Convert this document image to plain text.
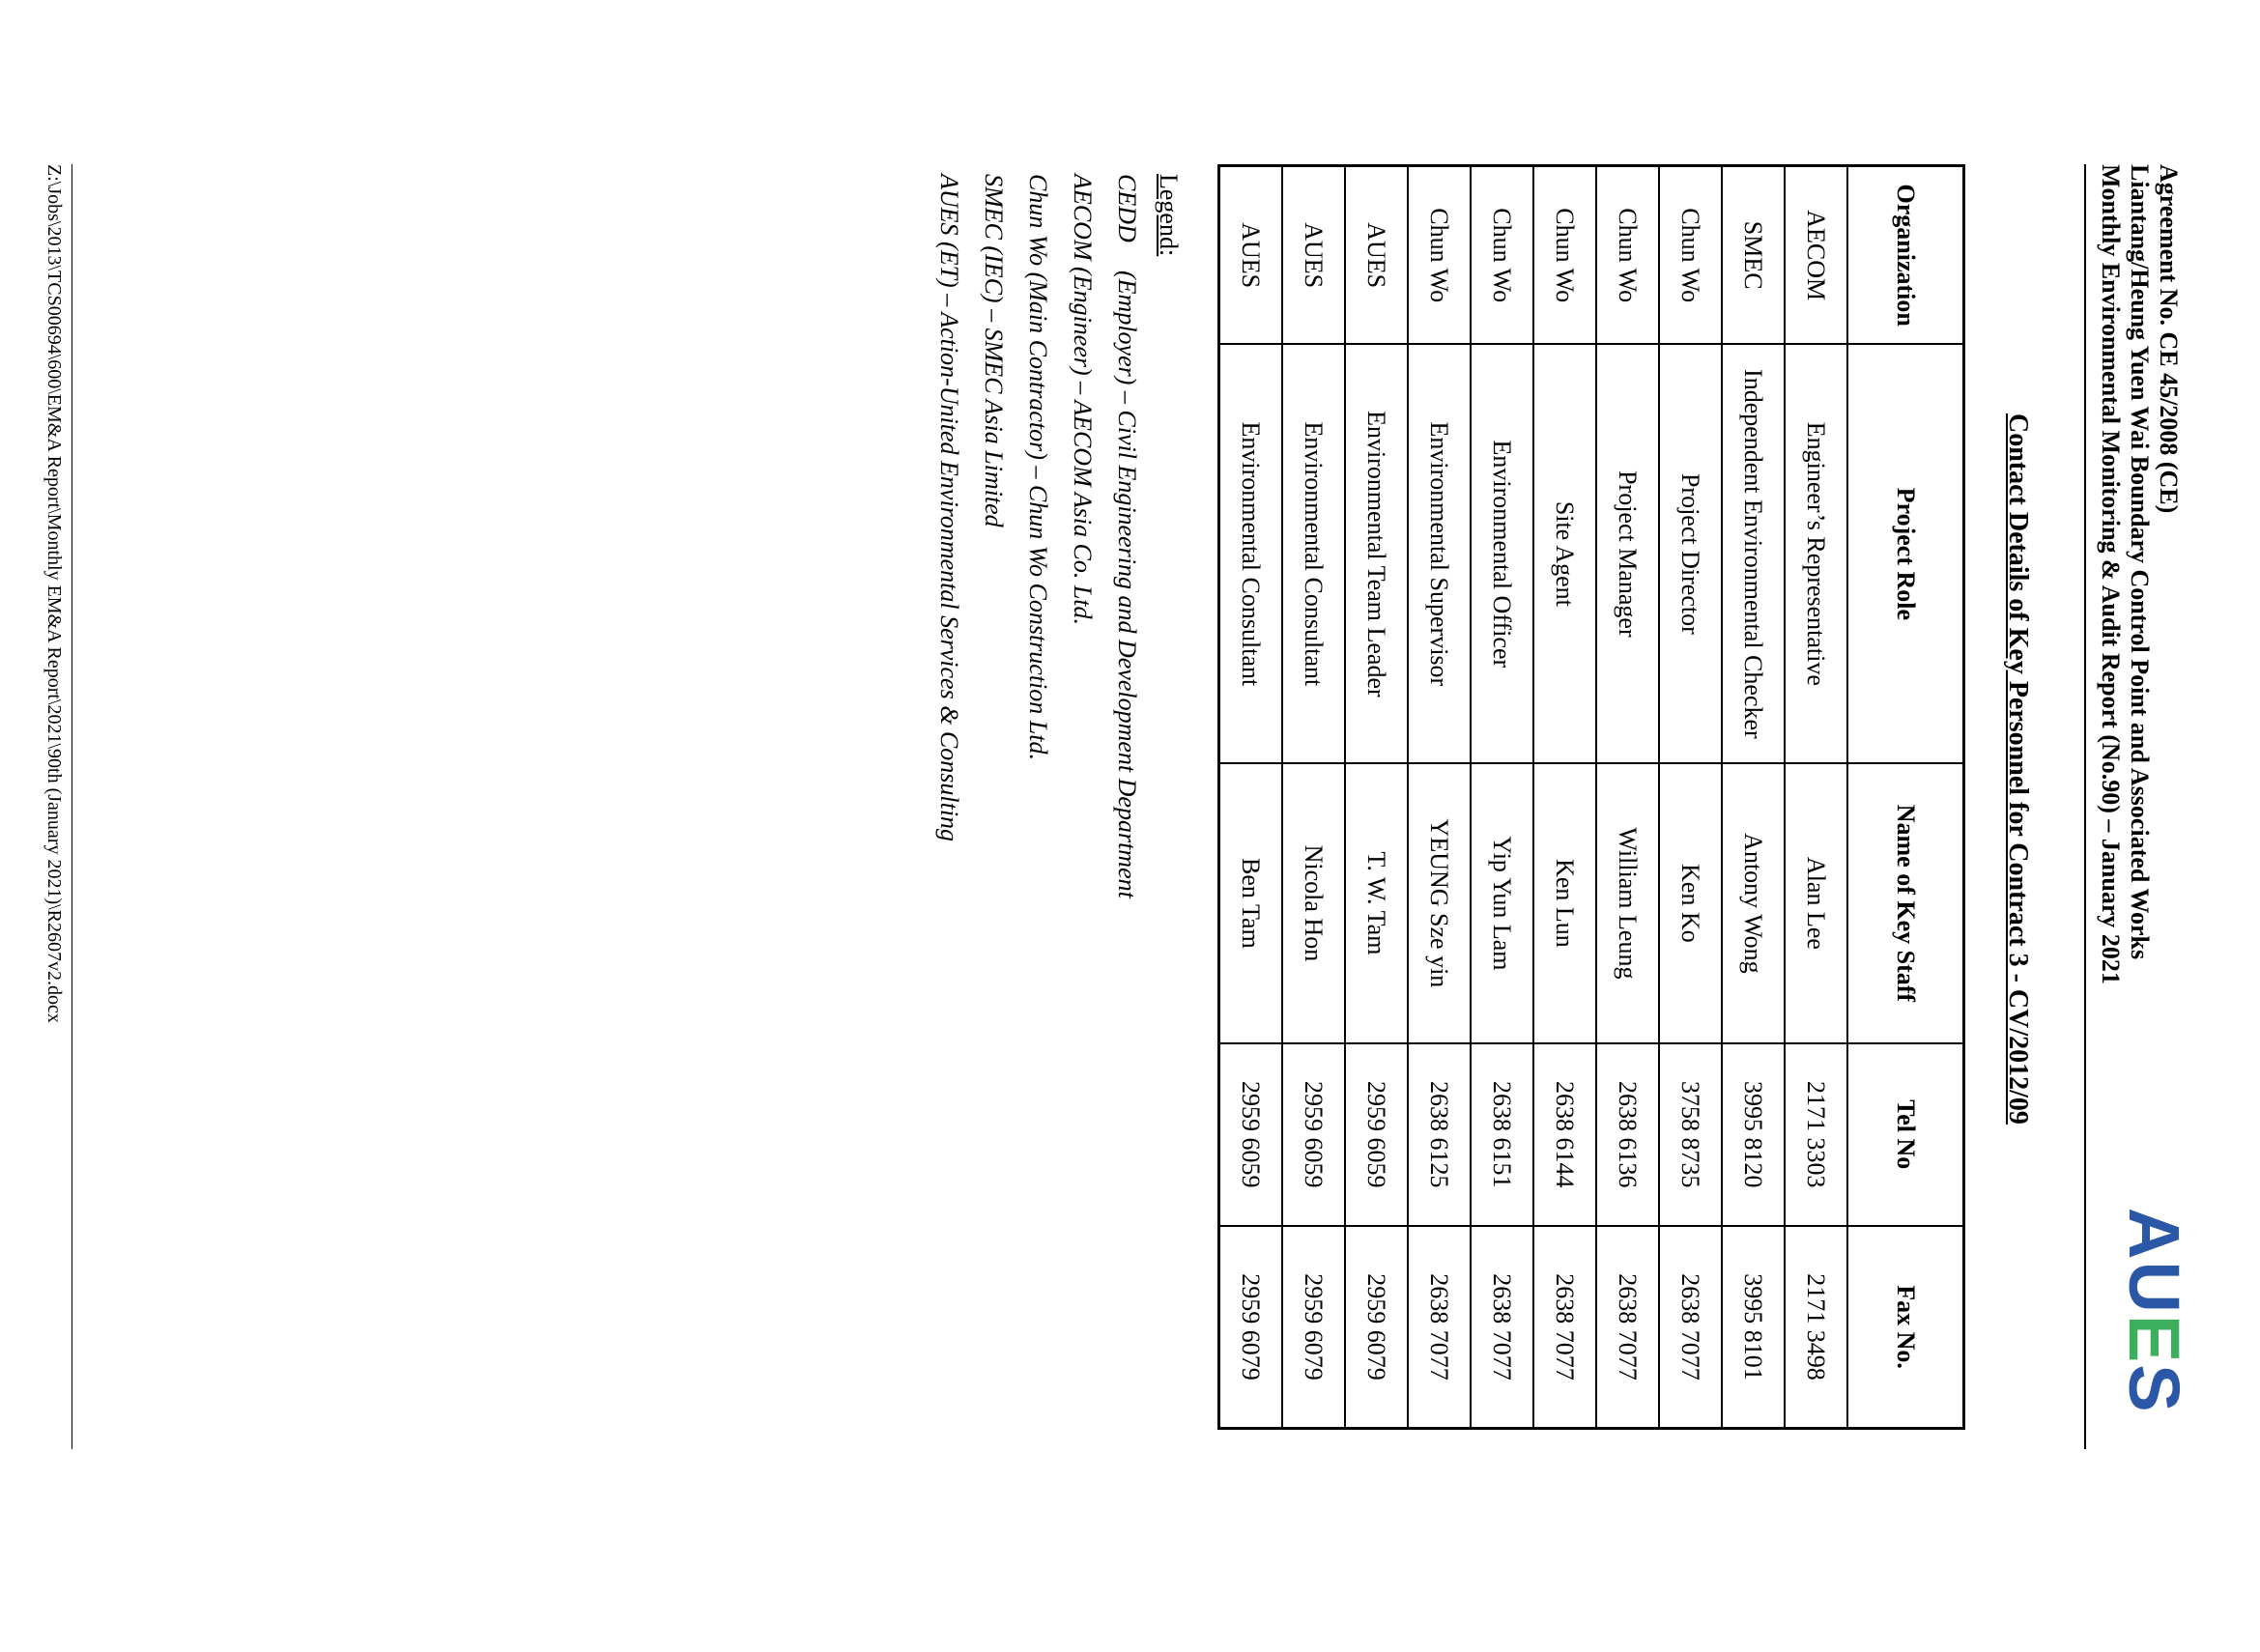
Agreement No. CE 45/2008 (CE)
Liantang/Heung Yuen Wai Boundary Control Point and Associated Works
Monthly Environmental Monitoring & Audit Report (No.90) – January 2021
AUES
Contact Details of Key Personnel for Contract 3 - CV/2012/09
Organization	Project Role	Name of Key Staff	Tel No	Fax No.
AECOM	Engineer’s Representative	Alan Lee	2171 3303	2171 3498
SMEC	Independent Environmental Checker	Antony Wong	3995 8120	3995 8101
Chun Wo	Project Director	Ken Ko	3758 8735	2638 7077
Chun Wo	Project Manager	William Leung	2638 6136	2638 7077
Chun Wo	Site Agent	Ken Lun	2638 6144	2638 7077
Chun Wo	Environmental Officer	Yip Yun Lam	2638 6151	2638 7077
Chun Wo	Environmental Supervisor	YEUNG Sze yin	2638 6125	2638 7077
AUES	Environmental Team Leader	T. W. Tam	2959 6059	2959 6079
AUES	Environmental Consultant	Nicola Hon	2959 6059	2959 6079
AUES	Environmental Consultant	Ben Tam	2959 6059	2959 6079
Legend:
CEDD(Employer) – Civil Engineering and Development Department
AECOM (Engineer) – AECOM Asia Co. Ltd.
Chun Wo (Main Contractor) – Chun Wo Construction Ltd.
SMEC (IEC) – SMEC Asia Limited
AUES (ET) – Action-United Environmental Services & Consulting
Z:\Jobs\2013\TCS00694\600\EM&A Report\Monthly EM&A Report\2021\90th (January 2021)\R2607v2.docx
